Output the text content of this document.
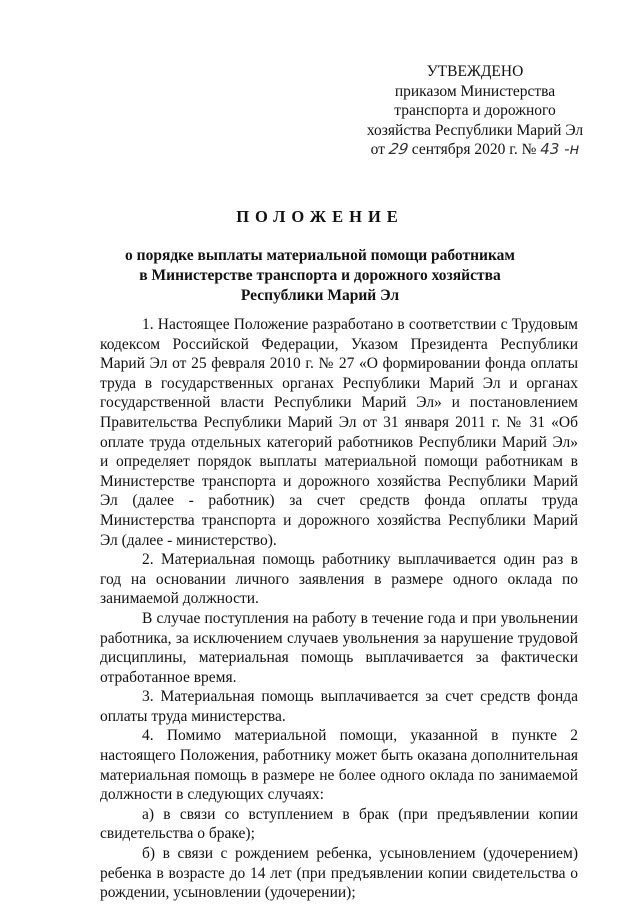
УТВЕЖДЕНО
приказом Министерства
транспорта и дорожного
хозяйства Республики Марий Эл
от 29 сентября 2020 г. № 43 -н
ПОЛОЖЕНИЕ
о порядке выплаты материальной помощи работникам
в Министерстве транспорта и дорожного хозяйства
Республики Марий Эл

1. Настоящее Положение разработано в соответствии с Трудовым кодексом Российской Федерации, Указом Президента Республики Марий Эл от 25 февраля 2010 г. № 27 «О формировании фонда оплаты труда в государственных органах Республики Марий Эл и органах государственной власти Республики Марий Эл» и постановлением Правительства Республики Марий Эл от 31 января 2011 г. № 31 «Об оплате труда отдельных категорий работников Республики Марий Эл» и определяет порядок выплаты материальной помощи работникам в Министерстве транспорта и дорожного хозяйства Республики Марий Эл (далее - работник) за счет средств фонда оплаты труда Министерства транспорта и дорожного хозяйства Республики Марий Эл (далее - министерство).

2. Материальная помощь работнику выплачивается один раз в год на основании личного заявления в размере одного оклада по занимаемой должности.

В случае поступления на работу в течение года и при увольнении работника, за исключением случаев увольнения за нарушение трудовой дисциплины, материальная помощь выплачивается за фактически отработанное время.

3. Материальная помощь выплачивается за счет средств фонда оплаты труда министерства.

4. Помимо материальной помощи, указанной в пункте 2 настоящего Положения, работнику может быть оказана дополнительная материальная помощь в размере не более одного оклада по занимаемой должности в следующих случаях:

а) в связи со вступлением в брак (при предъявлении копии свидетельства о браке);

б) в связи с рождением ребенка, усыновлением (удочерением) ребенка в возрасте до 14 лет (при предъявлении копии свидетельства о рождении, усыновлении (удочерении);
